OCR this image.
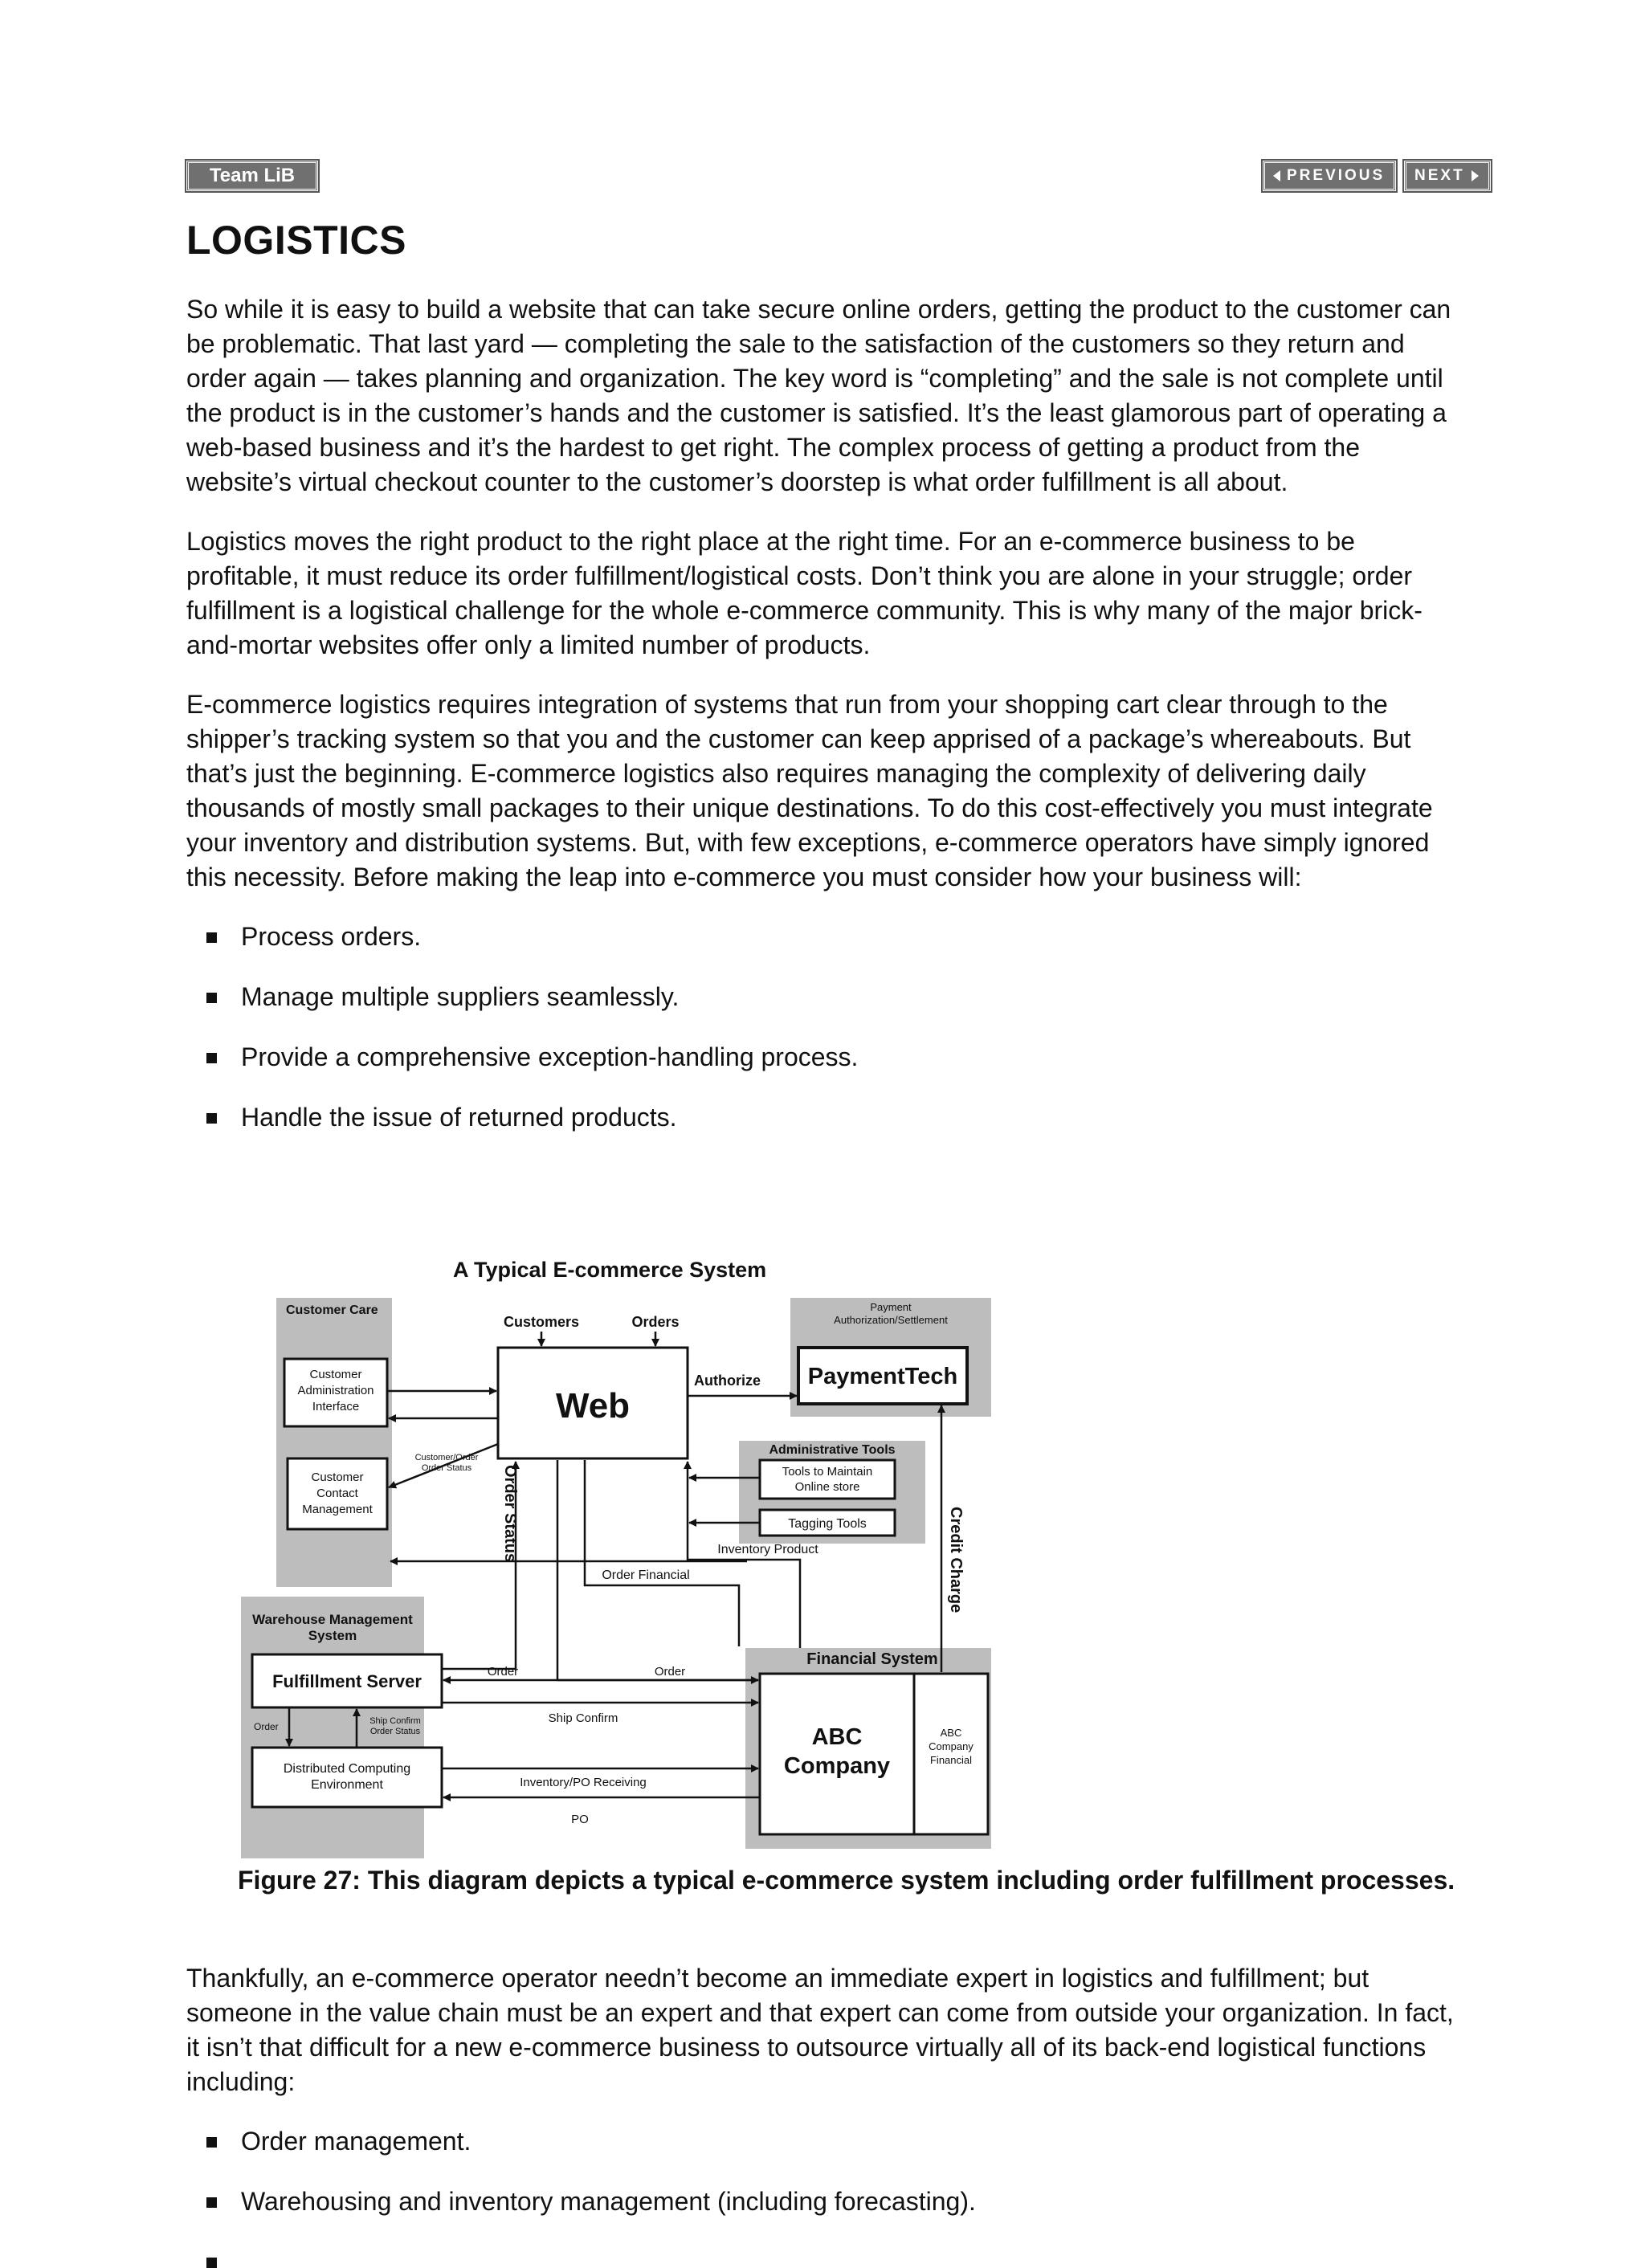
Team LiB	PREVIOUS NEXT
LOGISTICS

So while it is easy to build a website that can take secure online orders, getting the product to the customer can be problematic. That last yard — completing the sale to the satisfaction of the customers so they return and order again — takes planning and organization. The key word is “completing” and the sale is not complete until the product is in the customer’s hands and the customer is satisfied. It’s the least glamorous part of operating a web-based business and it’s the hardest to get right. The complex process of getting a product from the website’s virtual checkout counter to the customer’s doorstep is what order fulfillment is all about.

Logistics moves the right product to the right place at the right time. For an e-commerce business to be profitable, it must reduce its order fulfillment/logistical costs. Don’t think you are alone in your struggle; order fulfillment is a logistical challenge for the whole e-commerce community. This is why many of the major brick-and-mortar websites offer only a limited number of products.

E-commerce logistics requires integration of systems that run from your shopping cart clear through to the shipper’s tracking system so that you and the customer can keep apprised of a package’s whereabouts. But that’s just the beginning. E-commerce logistics also requires managing the complexity of delivering daily thousands of mostly small packages to their unique destinations. To do this cost-effectively you must integrate your inventory and distribution systems. But, with few exceptions, e-commerce operators have simply ignored this necessity. Before making the leap into e-commerce you must consider how your business will:

Process orders.
Manage multiple suppliers seamlessly.
Provide a comprehensive exception-handling process.
Handle the issue of returned products.
A Typical E-commerce System
Customer Care	Payment
Authorization/Settlement
Administrative Tools
Warehouse Management
System
Financial System
Customer
Administration
Interface
Customer
Contact
Management
Web
PaymentTech
Tools to Maintain
Online store
Tagging Tools
Fulfillment Server
Distributed Computing
Environment
ABC
Company
ABC
Company
Financial
Customers	Orders
Authorize
Customer/Order
Order Status Order Status	Inventory Product
Order Financial	Credit Charge
Order	Order
Ship Confirm
Inventory/PO Receiving
PO
Order	Ship Confirm
Order Status
Figure 27: This diagram depicts a typical e-commerce system including order fulfillment processes.

Thankfully, an e-commerce operator needn’t become an immediate expert in logistics and fulfillment; but someone in the value chain must be an expert and that expert can come from outside your organization. In fact, it isn’t that difficult for a new e-commerce business to outsource virtually all of its back-end logistical functions including:

Order management.
Warehousing and inventory management (including forecasting).
